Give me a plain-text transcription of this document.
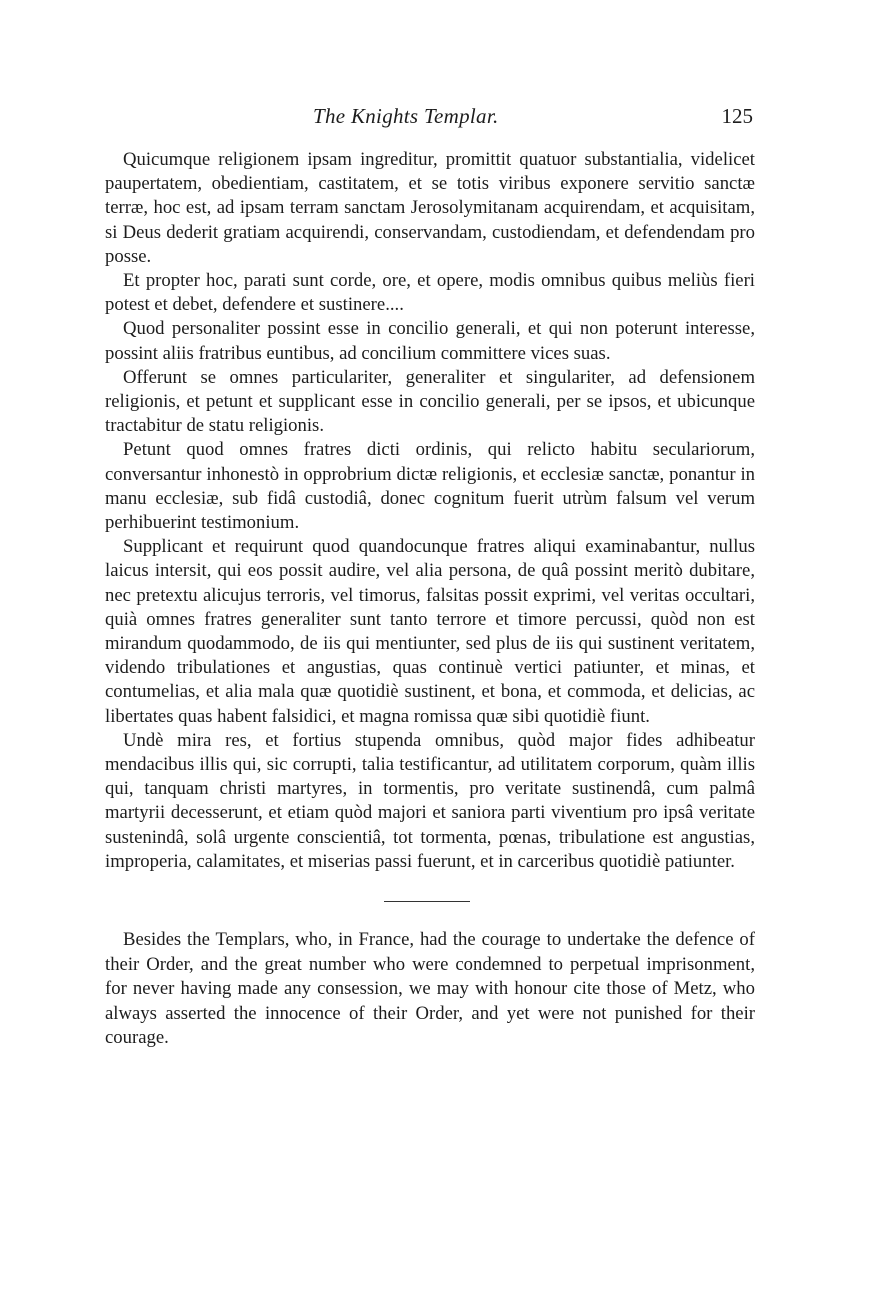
The Knights Templar.	125

Quicumque religionem ipsam ingreditur, promittit quatuor substantialia, videlicet paupertatem, obedientiam, castitatem, et se totis viribus exponere servitio sanctæ terræ, hoc est, ad ipsam terram sanctam Jerosolymitanam acquirendam, et acquisitam, si Deus dederit gratiam acquirendi, conservandam, custodiendam, et defendendam pro posse.

Et propter hoc, parati sunt corde, ore, et opere, modis omnibus quibus meliùs fieri potest et debet, defendere et sustinere....

Quod personaliter possint esse in concilio generali, et qui non poterunt interesse, possint aliis fratribus euntibus, ad concilium committere vices suas.

Offerunt se omnes particulariter, generaliter et singulariter, ad defensionem religionis, et petunt et supplicant esse in concilio generali, per se ipsos, et ubicunque tractabitur de statu religionis.

Petunt quod omnes fratres dicti ordinis, qui relicto habitu seculariorum, conversantur inhonestò in opprobrium dictæ religionis, et ecclesiæ sanctæ, ponantur in manu ecclesiæ, sub fidâ custodiâ, donec cognitum fuerit utrùm falsum vel verum perhibuerint testimonium.

Supplicant et requirunt quod quandocunque fratres aliqui examinabantur, nullus laicus intersit, qui eos possit audire, vel alia persona, de quâ possint meritò dubitare, nec pretextu alicujus terroris, vel timorus, falsitas possit exprimi, vel veritas occultari, quià omnes fratres generaliter sunt tanto terrore et timore percussi, quòd non est mirandum quodammodo, de iis qui mentiunter, sed plus de iis qui sustinent veritatem, videndo tribulationes et angustias, quas continuè vertici patiunter, et minas, et contumelias, et alia mala quæ quotidiè sustinent, et bona, et commoda, et delicias, ac libertates quas habent falsidici, et magna romissa quæ sibi quotidiè fiunt.

Undè mira res, et fortius stupenda omnibus, quòd major fides adhibeatur mendacibus illis qui, sic corrupti, talia testificantur, ad utilitatem corporum, quàm illis qui, tanquam christi martyres, in tormentis, pro veritate sustinendâ, cum palmâ martyrii decesserunt, et etiam quòd majori et saniora parti viventium pro ipsâ veritate sustenindâ, solâ urgente conscientiâ, tot tormenta, pœnas, tribulatione est angustias, improperia, calamitates, et miserias passi fuerunt, et in carceribus quotidiè patiunter.

Besides the Templars, who, in France, had the courage to undertake the defence of their Order, and the great number who were condemned to perpetual imprisonment, for never having made any consession, we may with honour cite those of Metz, who always asserted the innocence of their Order, and yet were not punished for their courage.
